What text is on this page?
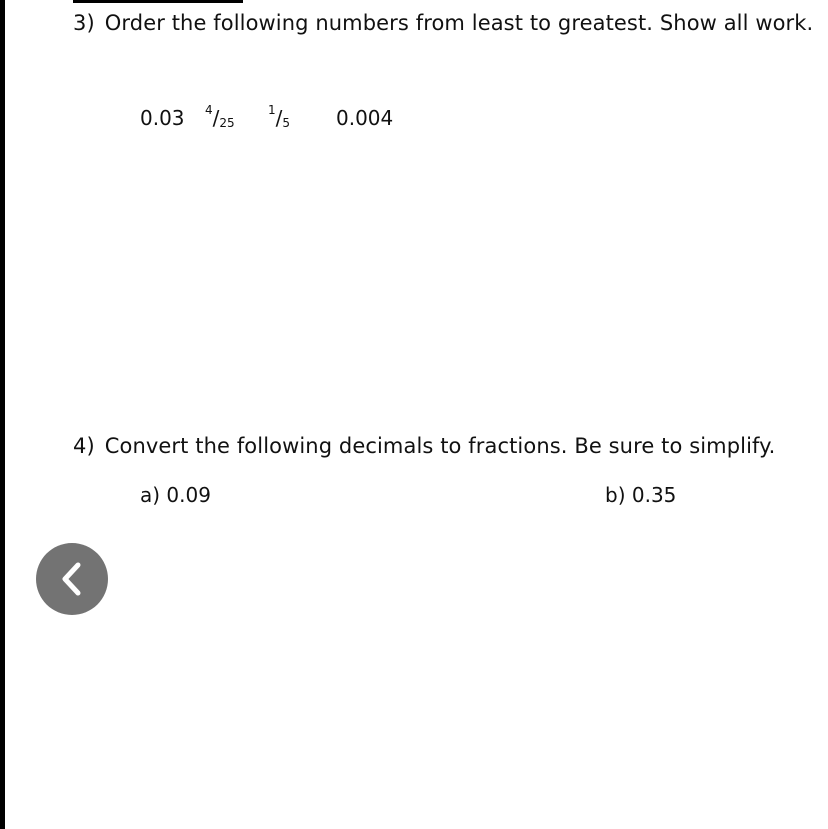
3) Order the following numbers from least to greatest. Show all work.
0.03 $^4/_{25}$
$^1/_5$ 0.004
4) Convert the following decimals to fractions. Be sure to simplify.
a) 0.09	b) 0.35
